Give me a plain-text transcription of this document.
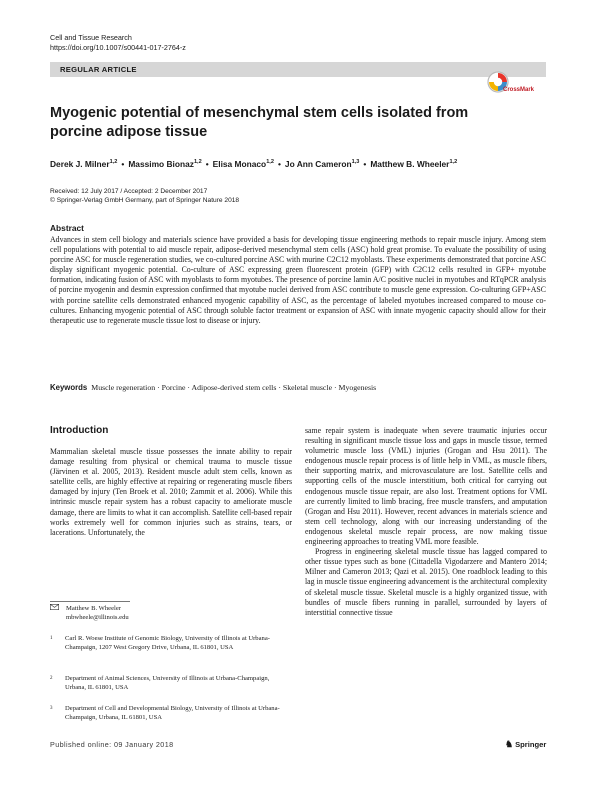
Cell and Tissue Research
https://doi.org/10.1007/s00441-017-2764-z
REGULAR ARTICLE
CrossMark
Myogenic potential of mesenchymal stem cells isolated from porcine adipose tissue
Derek J. Milner$^{1,2}$ • Massimo Bionaz$^{1,2}$ • Elisa Monaco$^{1,2}$ • Jo Ann Cameron$^{1,3}$ • Matthew B. Wheeler$^{1,2}$
Received: 12 July 2017 / Accepted: 2 December 2017
© Springer-Verlag GmbH Germany, part of Springer Nature 2018
Abstract
Advances in stem cell biology and materials science have provided a basis for developing tissue engineering methods to repair muscle injury. Among stem cell populations with potential to aid muscle repair, adipose-derived mesenchymal stem cells (ASC) hold great promise. To evaluate the possibility of using porcine ASC for muscle regeneration studies, we co-cultured porcine ASC with murine C2C12 myoblasts. These experiments demonstrated that porcine ASC display significant myogenic potential. Co-culture of ASC expressing green fluorescent protein (GFP) with C2C12 cells resulted in GFP+ myotube formation, indicating fusion of ASC with myoblasts to form myotubes. The presence of porcine lamin A/C positive nuclei in myotubes and RTqPCR analysis of porcine myogenin and desmin expression confirmed that myotube nuclei derived from ASC contribute to muscle gene expression. Co-culturing GFP+ASC with porcine satellite cells demonstrated enhanced myogenic capability of ASC, as the percentage of labeled myotubes increased compared to mouse co-cultures. Enhancing myogenic potential of ASC through soluble factor treatment or expansion of ASC with innate myogenic capacity should allow for their therapeutic use to regenerate muscle tissue lost to disease or injury.
Keywords Muscle regeneration · Porcine · Adipose-derived stem cells · Skeletal muscle · Myogenesis
Introduction
Mammalian skeletal muscle tissue possesses the innate ability to repair damage resulting from physical or chemical trauma to muscle tissue (Järvinen et al. 2005, 2013). Resident muscle adult stem cells, known as satellite cells, are highly effective at repairing or regenerating muscle fibers damaged by injury (Ten Broek et al. 2010; Zammit et al. 2006). While this intrinsic muscle repair system has a robust capacity to ameliorate muscle damage, there are limits to what it can accomplish. Satellite cell-based repair works extremely well for common injuries such as strains, tears, or lacerations. Unfortunately, the

same repair system is inadequate when severe traumatic injuries occur resulting in significant muscle tissue loss and gaps in muscle tissue, termed volumetric muscle loss (VML) injuries (Grogan and Hsu 2011). The endogenous muscle repair process is of little help in VML, as muscle fibers, their supporting matrix, and microvasculature are lost. Satellite cells and supporting cells of the muscle interstitium, both critical for carrying out endogenous muscle tissue repair, are also lost. Treatment options for VML are currently limited to limb bracing, free muscle transfers, and amputation (Grogan and Hsu 2011). However, recent advances in materials science and stem cell technology, along with our increasing understanding of the endogenous skeletal muscle repair process, are now making tissue engineering approaches to treating VML more feasible.

Progress in engineering skeletal muscle tissue has lagged compared to other tissue types such as bone (Cittadella Vigodarzere and Mantero 2014; Milner and Cameron 2013; Qazi et al. 2015). One roadblock leading to this lag in muscle tissue engineering advancement is the architectural complexity of skeletal muscle tissue. Skeletal muscle is a highly organized tissue, with bundles of muscle fibers running in parallel, surrounded by layers of interstitial connective tissue

Matthew B. Wheeler
mbwheele@illinois.edu
1	Carl R. Woese Institute of Genomic Biology, University of Illinois at Urbana-Champaign, 1207 West Gregory Drive, Urbana, IL 61801, USA
2	Department of Animal Sciences, University of Illinois at Urbana-Champaign, Urbana, IL 61801, USA
3	Department of Cell and Developmental Biology, University of Illinois at Urbana-Champaign, Urbana, IL 61801, USA
Published online: 09 January 2018	♞ Springer
